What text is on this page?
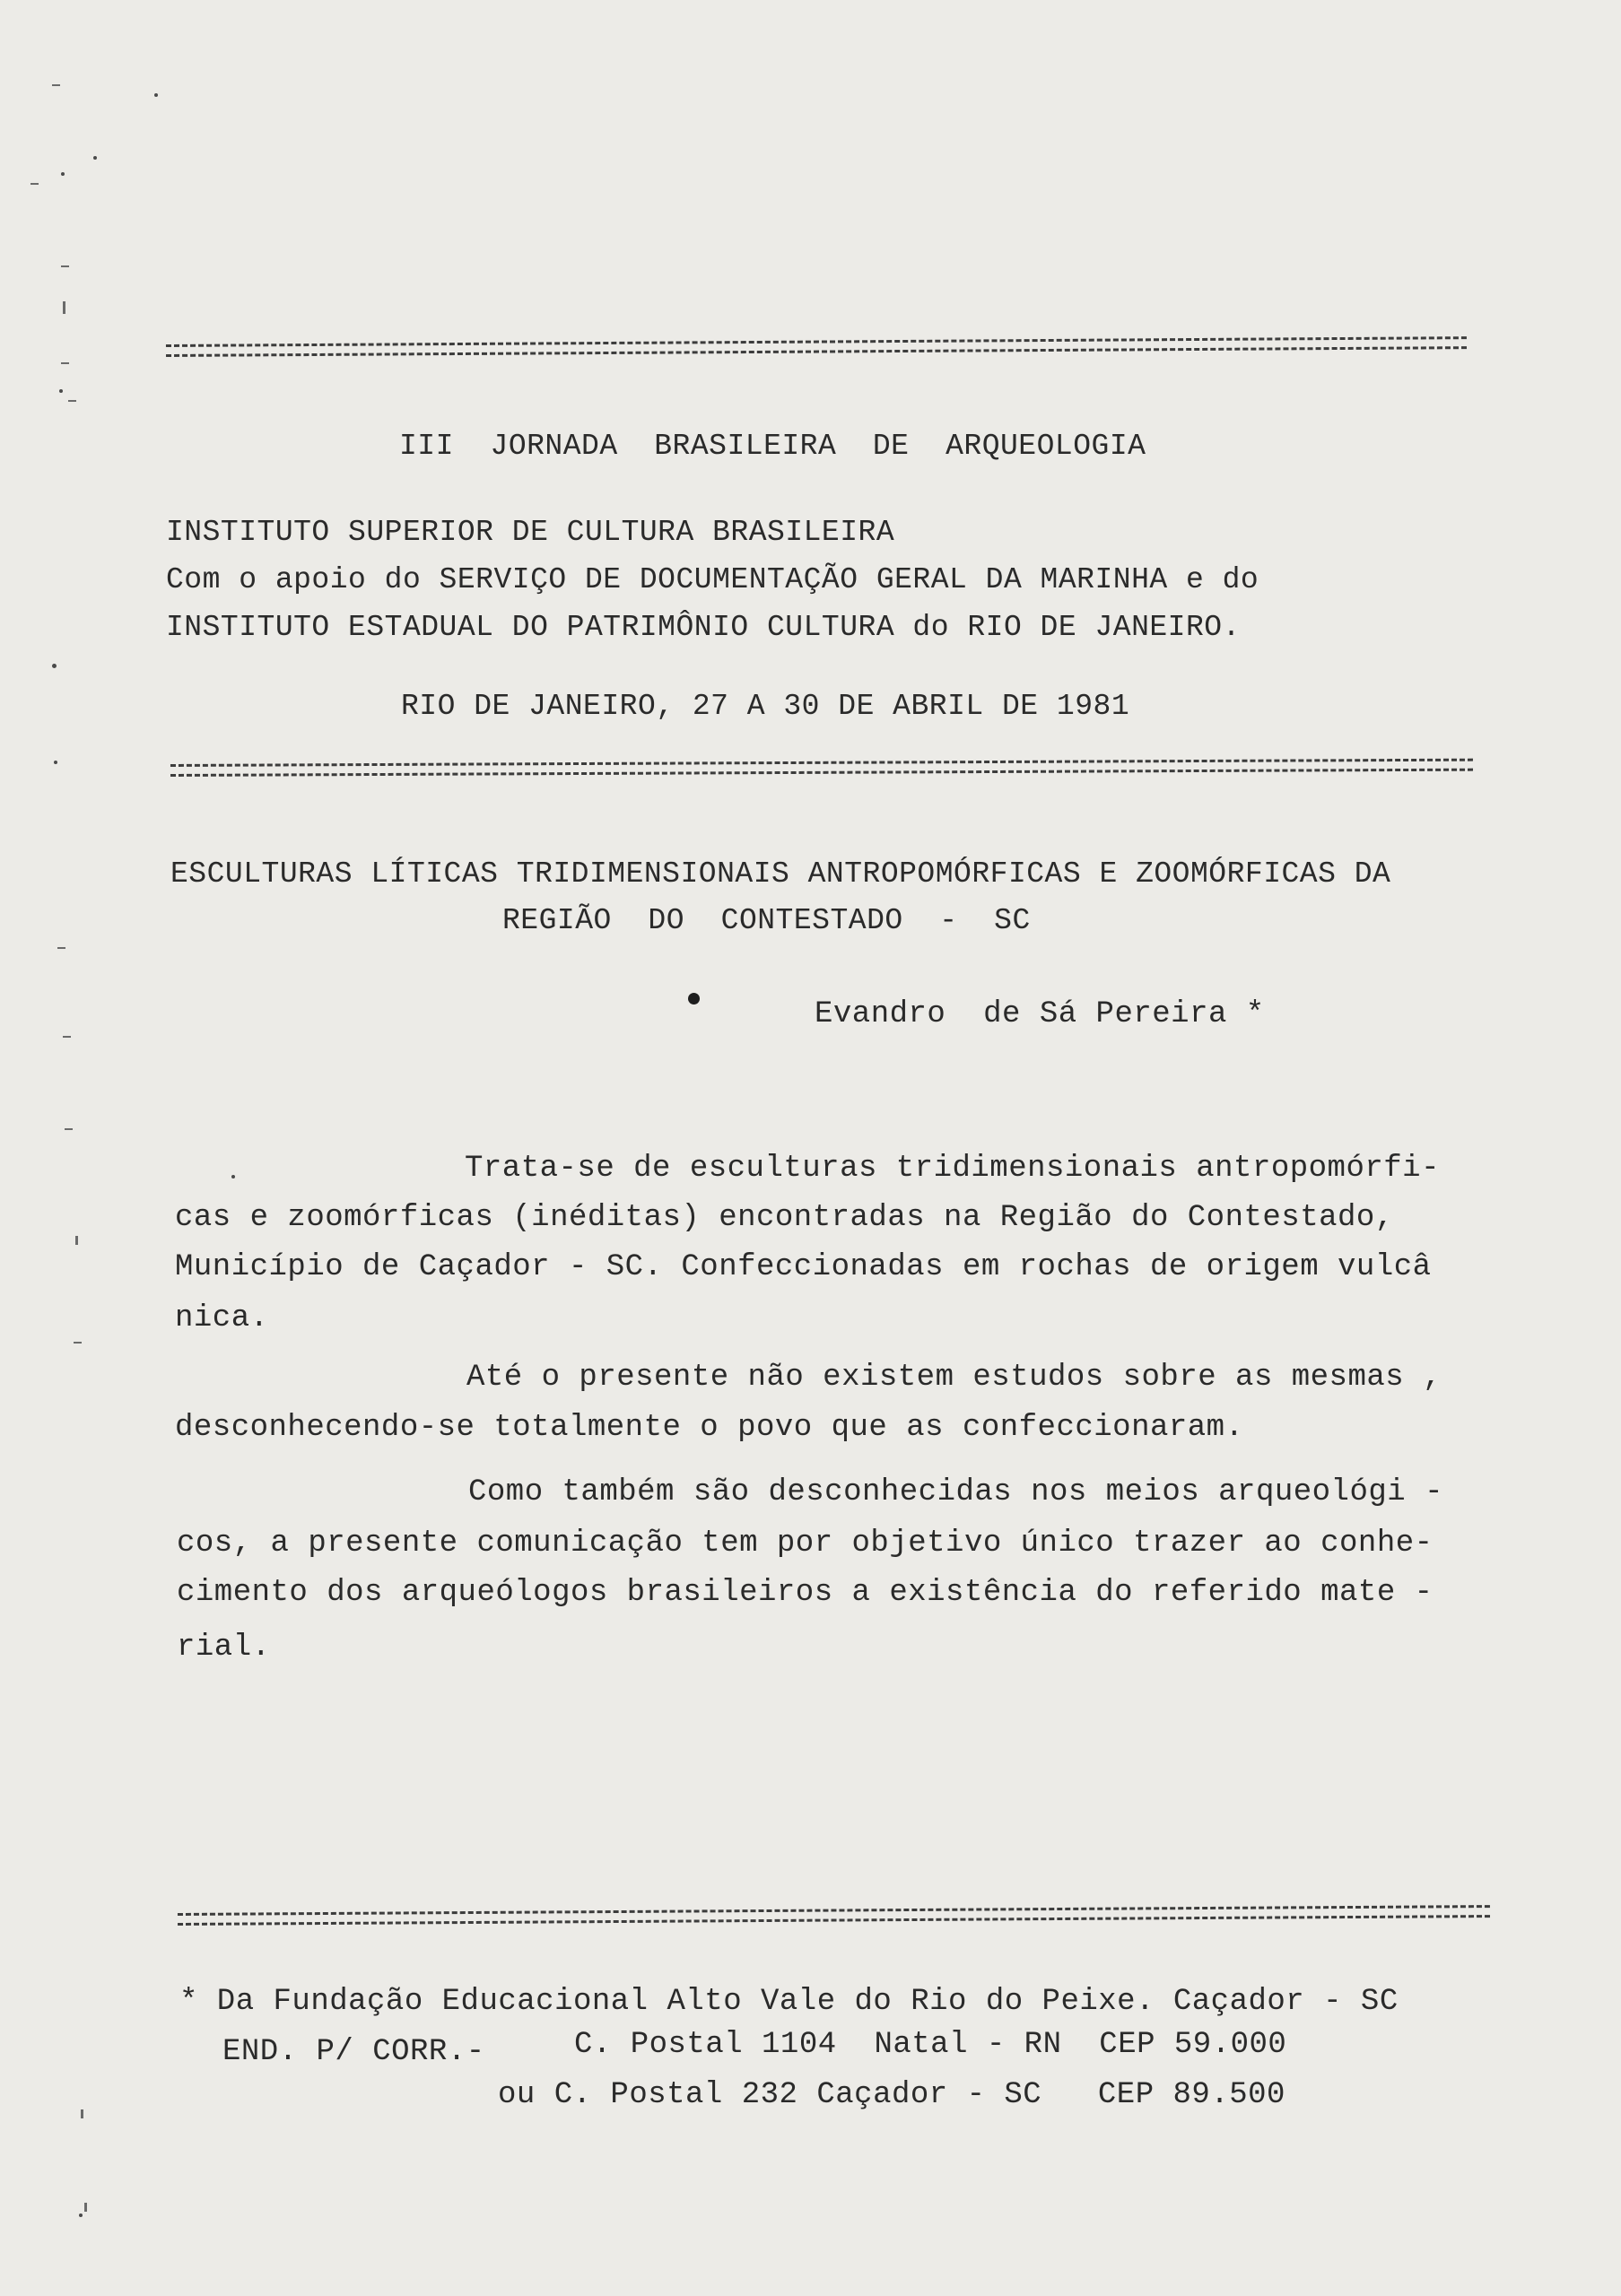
III  JORNADA  BRASILEIRA  DE  ARQUEOLOGIA
INSTITUTO SUPERIOR DE CULTURA BRASILEIRA
Com o apoio do SERVIÇO DE DOCUMENTAÇÃO GERAL DA MARINHA e do
INSTITUTO ESTADUAL DO PATRIMÔNIO CULTURA do RIO DE JANEIRO.
RIO DE JANEIRO, 27 A 30 DE ABRIL DE 1981
ESCULTURAS LÍTICAS TRIDIMENSIONAIS ANTROPOMÓRFICAS E ZOOMÓRFICAS DA
REGIÃO  DO  CONTESTADO  -  SC
Evandro  de Sá Pereira *
Trata-se de esculturas tridimensionais antropomórfi-
cas e zoomórficas (inéditas) encontradas na Região do Contestado,
Município de Caçador - SC. Confeccionadas em rochas de origem vulcâ
nica.
Até o presente não existem estudos sobre as mesmas ,
desconhecendo-se totalmente o povo que as confeccionaram.
Como também são desconhecidas nos meios arqueológi -
cos, a presente comunicação tem por objetivo único trazer ao conhe-
cimento dos arqueólogos brasileiros a existência do referido mate -
rial.
* Da Fundação Educacional Alto Vale do Rio do Peixe. Caçador - SC
END. P/ CORR.-	C. Postal 1104  Natal - RN  CEP 59.000
ou C. Postal 232 Caçador - SC   CEP 89.500
